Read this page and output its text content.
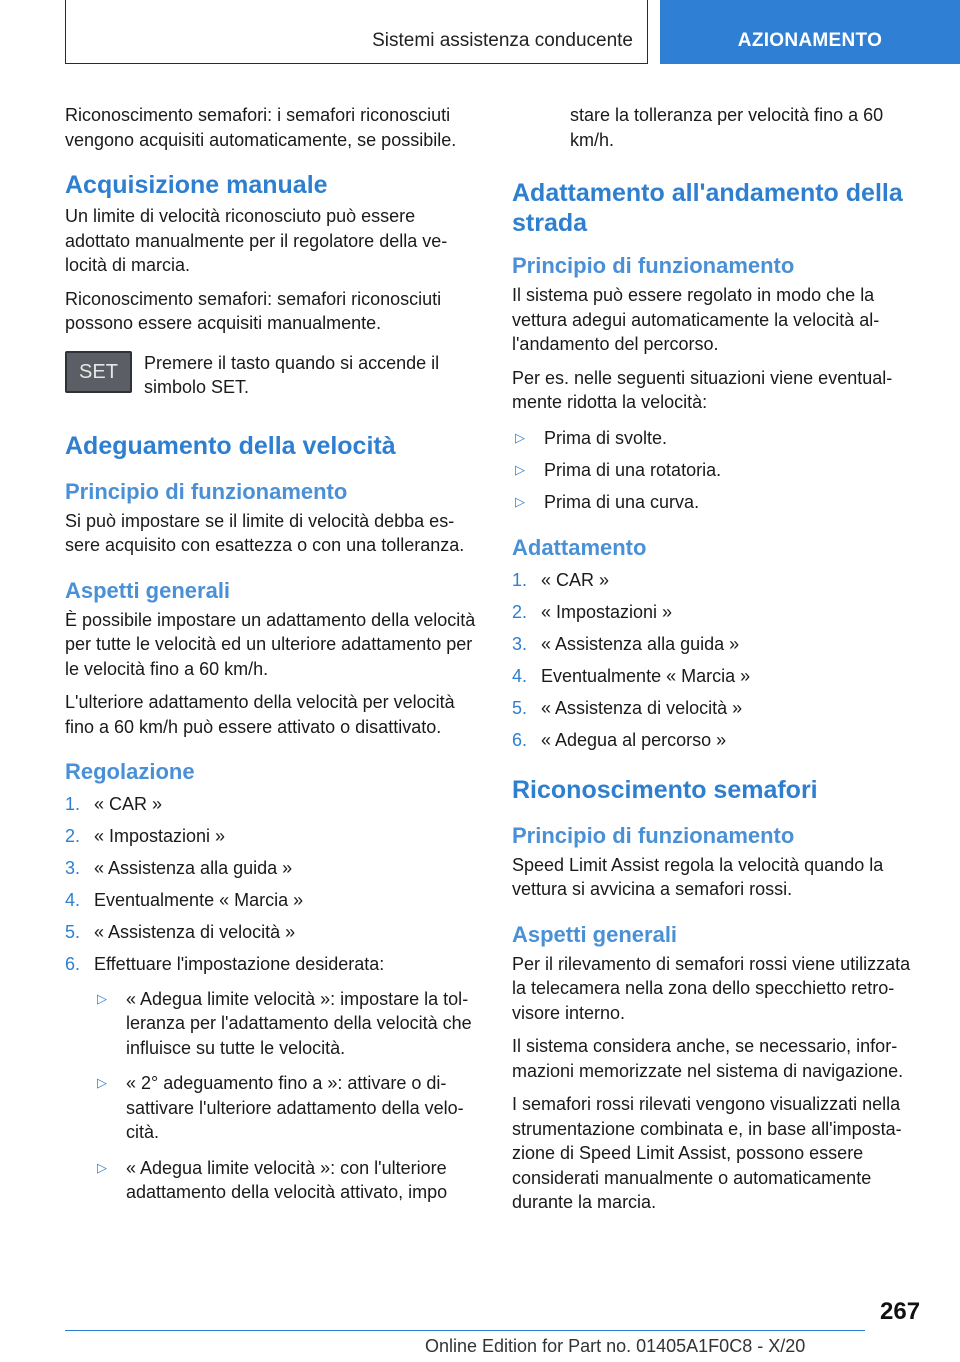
Sistemi assistenza conducente	AZIONAMENTO

Riconoscimento semafori: i semafori riconosciuti vengono acquisiti automaticamente, se possibile.

Acquisizione manuale

Un limite di velocità riconosciuto può essere adottato manualmente per il regolatore della velocità di marcia.

Riconoscimento semafori: semafori riconosciuti possono essere acquisiti manualmente.

SET	Premere il tasto quando si accende il simbolo SET.

Adeguamento della velocità
Principio di funzionamento

Si può impostare se il limite di velocità debba essere acquisito con esattezza o con una tolleranza.

Aspetti generali

È possibile impostare un adattamento della velocità per tutte le velocità ed un ulteriore adattamento per le velocità fino a 60 km/h.

L'ulteriore adattamento della velocità per velocità fino a 60 km/h può essere attivato o disattivato.

Regolazione
1. « CAR »
2. « Impostazioni »
3. « Assistenza alla guida »
4. Eventualmente « Marcia »
5. « Assistenza di velocità »
6. Effettuare l'impostazione desiderata:
▷	« Adegua limite velocità »: impostare la tolleranza per l'adattamento della velocità che influisce su tutte le velocità.
▷	« 2° adeguamento fino a »: attivare o disattivare l'ulteriore adattamento della velocità.
▷	« Adegua limite velocità »: con l'ulteriore adattamento della velocità attivato, impo

stare la tolleranza per velocità fino a 60 km/h.

Adattamento all'andamento della strada
Principio di funzionamento

Il sistema può essere regolato in modo che la vettura adegui automaticamente la velocità all'andamento del percorso.

Per es. nelle seguenti situazioni viene eventualmente ridotta la velocità:

▷	Prima di svolte.
▷	Prima di una rotatoria.
▷	Prima di una curva.
Adattamento
1. « CAR »
2. « Impostazioni »
3. « Assistenza alla guida »
4. Eventualmente « Marcia »
5. « Assistenza di velocità »
6. « Adegua al percorso »
Riconoscimento semafori
Principio di funzionamento

Speed Limit Assist regola la velocità quando la vettura si avvicina a semafori rossi.

Aspetti generali

Per il rilevamento di semafori rossi viene utilizzata la telecamera nella zona dello specchietto retrovisore interno.

Il sistema considera anche, se necessario, informazioni memorizzate nel sistema di navigazione.

I semafori rossi rilevati vengono visualizzati nella strumentazione combinata e, in base all'impostazione di Speed Limit Assist, possono essere considerati manualmente o automaticamente durante la marcia.

267
Online Edition for Part no. 01405A1F0C8 - X/20
